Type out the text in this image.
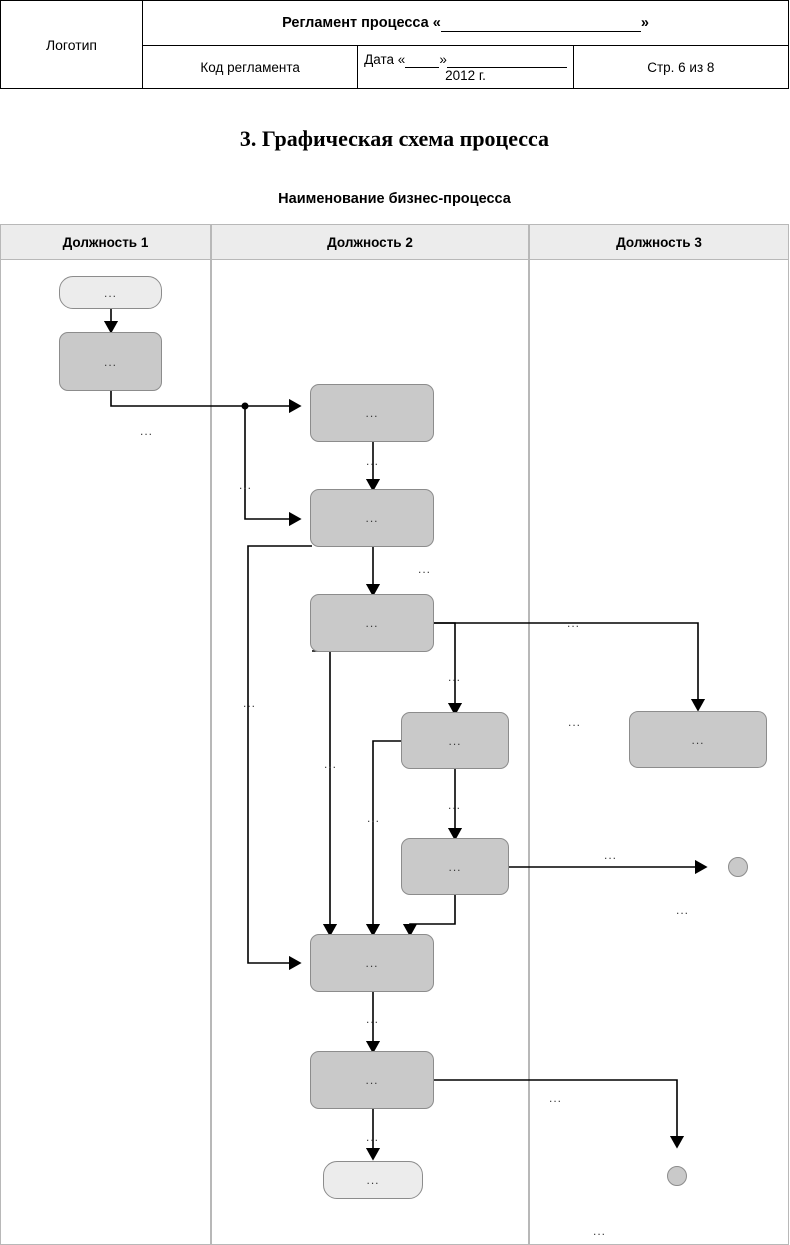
Логотип	Регламент процесса « »		
	Код регламента	Дата « » 2012 г.	Стр. 6 из 8
3. Графическая схема процесса
Наименование бизнес-процесса
Должность 1	Должность 2	Должность 3
...
...
...
...
...
...
...
...
...
...
...
...
...
...
...
...
...
...
...
...
...
...
...
...
...
...
...
...
